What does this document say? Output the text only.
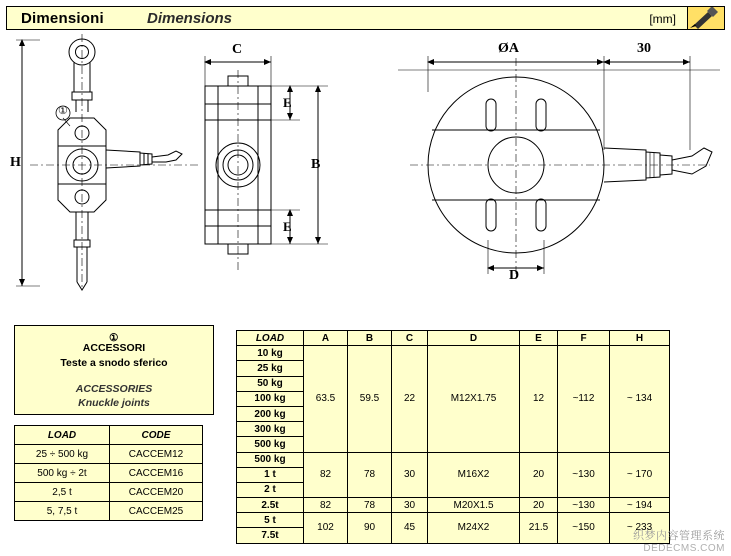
Dimensioni	Dimensions	[mm]
H
C
E
E
B
ØA	30
D
①
①
ACCESSORI
Teste a snodo sferico
ACCESSORIES
Knuckle joints
LOAD	CODE
25 ÷ 500 kg	CACCEM12
500 kg ÷ 2t	CACCEM16
2,5 t	CACCEM20
5, 7,5 t	CACCEM25
LOAD	A	B	C	D	E	F	H
10 kg	63.5	59.5	22	M12X1.75	12	~112	~ 134
25 kg							
50 kg							
100 kg							
200 kg							
300 kg							
500 kg							
500 kg	82	78	30	M16X2	20	~130	~ 170
1 t							
2 t							
2.5t	82	78	30	M20X1.5	20	~130	~ 194
5 t	102	90	45	M24X2	21.5	~150	~ 233
7.5t								织梦内容管理系统
DEDECMS.COM
